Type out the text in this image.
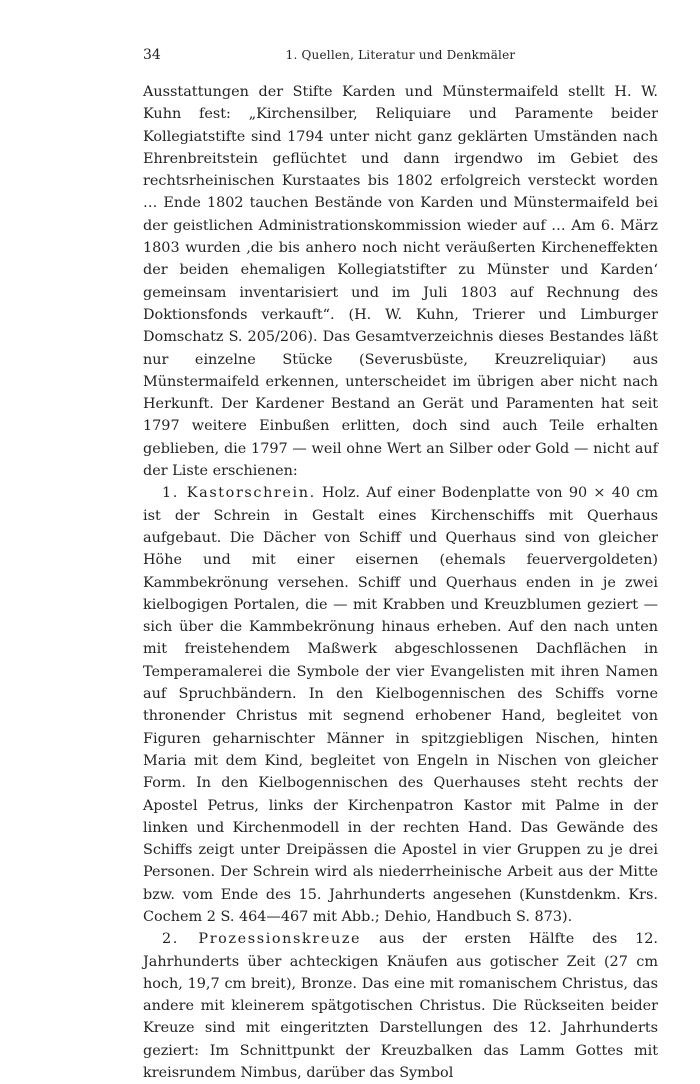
34	1. Quellen, Literatur und Denkmäler

Ausstattungen der Stifte Karden und Münstermaifeld stellt H. W. Kuhn fest: „Kirchensilber, Reliquiare und Paramente beider Kollegiatstifte sind 1794 unter nicht ganz geklärten Umständen nach Ehrenbreitstein geflüchtet und dann irgendwo im Gebiet des rechtsrheinischen Kurstaates bis 1802 erfolgreich versteckt worden … Ende 1802 tauchen Bestände von Karden und Münstermaifeld bei der geistlichen Administrationskommission wieder auf … Am 6. März 1803 wurden ‚die bis anhero noch nicht veräußerten Kircheneffekten der beiden ehemaligen Kollegiatstifter zu Münster und Karden‘ gemeinsam inventarisiert und im Juli 1803 auf Rechnung des Doktionsfonds verkauft“. (H. W. Kuhn, Trierer und Limburger Domschatz S. 205/206). Das Gesamtverzeichnis dieses Bestandes läßt nur einzelne Stücke (Severusbüste, Kreuzreliquiar) aus Münstermaifeld erkennen, unterscheidet im übrigen aber nicht nach Herkunft. Der Kardener Bestand an Gerät und Paramenten hat seit 1797 weitere Einbußen erlitten, doch sind auch Teile erhalten geblieben, die 1797 — weil ohne Wert an Silber oder Gold — nicht auf der Liste erschienen:

1. Kastorschrein. Holz. Auf einer Bodenplatte von 90 × 40 cm ist der Schrein in Gestalt eines Kirchenschiffs mit Querhaus aufgebaut. Die Dächer von Schiff und Querhaus sind von gleicher Höhe und mit einer eisernen (ehemals feuervergoldeten) Kammbekrönung versehen. Schiff und Querhaus enden in je zwei kielbogigen Portalen, die — mit Krabben und Kreuzblumen geziert — sich über die Kammbekrönung hinaus erheben. Auf den nach unten mit freistehendem Maßwerk abgeschlossenen Dachflächen in Temperamalerei die Symbole der vier Evangelisten mit ihren Namen auf Spruchbändern. In den Kielbogennischen des Schiffs vorne thronender Christus mit segnend erhobener Hand, begleitet von Figuren geharnischter Männer in spitzgiebligen Nischen, hinten Maria mit dem Kind, begleitet von Engeln in Nischen von gleicher Form. In den Kielbogennischen des Querhauses steht rechts der Apostel Petrus, links der Kirchenpatron Kastor mit Palme in der linken und Kirchenmodell in der rechten Hand. Das Gewände des Schiffs zeigt unter Dreipässen die Apostel in vier Gruppen zu je drei Personen. Der Schrein wird als niederrheinische Arbeit aus der Mitte bzw. vom Ende des 15. Jahrhunderts angesehen (Kunstdenkm. Krs. Cochem 2 S. 464—467 mit Abb.; Dehio, Handbuch S. 873).

2. Prozessionskreuze aus der ersten Hälfte des 12. Jahrhunderts über achteckigen Knäufen aus gotischer Zeit (27 cm hoch, 19,7 cm breit), Bronze. Das eine mit romanischem Christus, das andere mit kleinerem spätgotischen Christus. Die Rückseiten beider Kreuze sind mit eingeritzten Darstellungen des 12. Jahrhunderts geziert: Im Schnittpunkt der Kreuzbalken das Lamm Gottes mit kreisrundem Nimbus, darüber das Symbol
